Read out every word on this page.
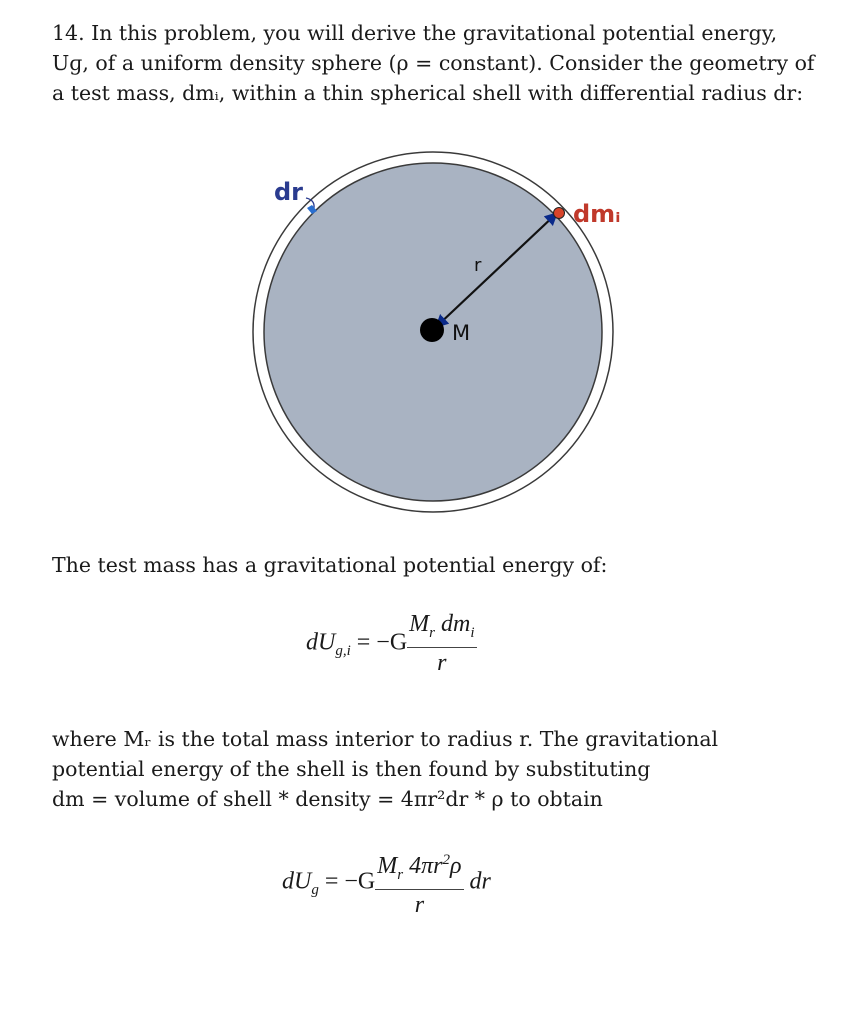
14. In this problem, you will derive the gravitational potential energy,
Uɡ, of a uniform density sphere (ρ = constant). Consider the geometry of
a test mass, dmᵢ, within a thin spherical shell with differential radius dr:

dr
dmᵢ
r
M

The test mass has a gravitational potential energy of:

$dU_{g,i} = -G \frac{M_r dm_i}{r}$

where Mᵣ is the total mass interior to radius r. The gravitational
potential energy of the shell is then found by substituting
dm = volume of shell * density = 4πr²dr * ρ to obtain

$dU_g = -G \frac{M_r 4\pi r^2\rho}{r}$ dr
